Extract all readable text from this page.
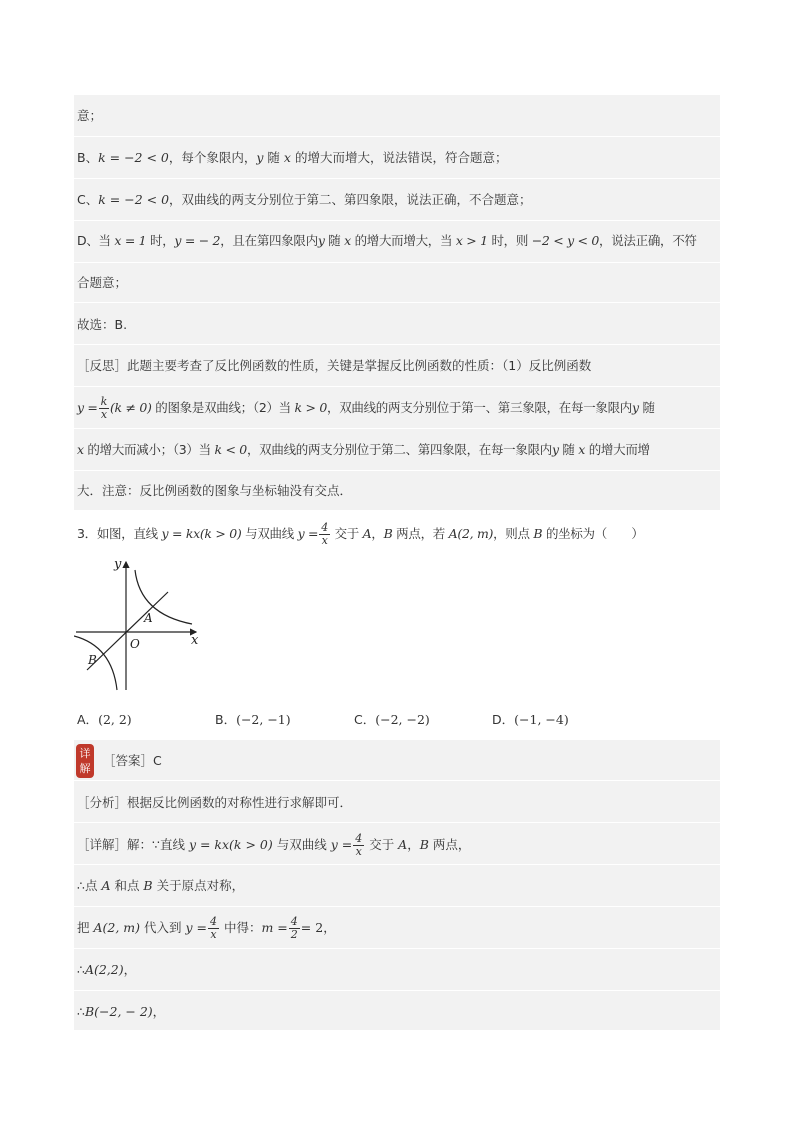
意；
B、k = −2 < 0，每个象限内，y 随 x 的增大而增大，说法错误，符合题意；
C、k = −2 < 0，双曲线的两支分别位于第二、第四象限，说法正确，不合题意；
D、当 x = 1 时，y = − 2，且在第四象限内y 随 x 的增大而增大，当 x > 1 时，则 −2 < y < 0，说法正确，不符
合题意；
故选：B.
［反思］此题主要考查了反比例函数的性质，关键是掌握反比例函数的性质：（1）反比例函数
$y = \frac{k}{x} (k \ne 0)$ 的图象是双曲线；（2）当 k > 0，双曲线的两支分别位于第一、第三象限，在每一象限内y 随
x 的增大而减小；（3）当 k < 0，双曲线的两支分别位于第二、第四象限，在每一象限内y 随 x 的增大而增
大．注意：反比例函数的图象与坐标轴没有交点．
3．如图，直线 y = kx(k > 0) 与双曲线 $y = \frac{4}{x}$ 交于 A，B 两点，若 A(2, m)，则点 B 的坐标为（　　）
y
x
O
A
B
A．(2, 2)	B．(−2, −1)	C．(−2, −2)	D．(−1, −4)
详解
［答案］C
［分析］根据反比例函数的对称性进行求解即可．
［详解］解：∵直线 y = kx(k > 0) 与双曲线 $y = \frac{4}{x}$ 交于 A，B 两点，
∴点 A 和点 B 关于原点对称，
把 A(2, m) 代入到 $y = \frac{4}{x}$ 中得：$m = \frac{4}{2} = 2$，
∴A(2,2)，
∴B(−2, − 2)，
